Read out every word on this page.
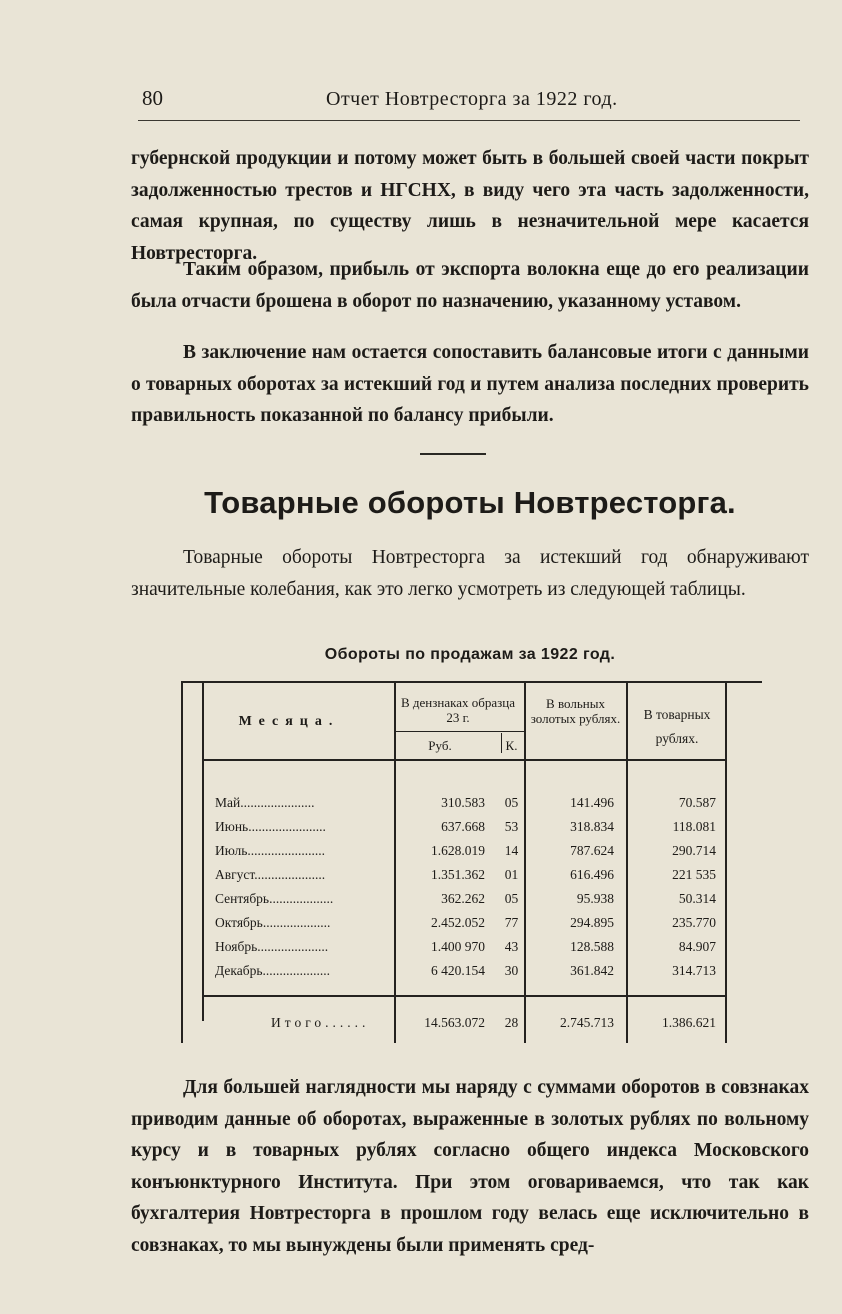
80	Отчет Новтресторга за 1922 год.

губернской продукции и потому может быть в большей своей части покрыт задолженностью трестов и НГСНХ, в виду чего эта часть задолженности, самая крупная, по существу лишь в незначительной мере касается Новтресторга.

Таким образом, прибыль от экспорта волокна еще до его реализации была отчасти брошена в оборот по назначению, указанному уставом.

В заключение нам остается сопоставить балансовые итоги с данными о товарных оборотах за истекший год и путем анализа последних проверить правильность показанной по балансу прибыли.

Товарные обороты Новтресторга.

Товарные обороты Новтресторга за истекший год обнаруживают значительные колебания, как это легко усмотреть из следующей таблицы.

Обороты по продажам за 1922 год.
Месяца.
В дензнаках образца 23 г.
Руб.	К.
В вольных золотых рублях.	В товарных рублях.
Май......................	310.583	05	141.496	70.587
Июнь.......................	637.668	53	318.834	118.081
Июль.......................	1.628.019	14	787.624	290.714
Август.....................	1.351.362	01	616.496	221 535
Сентябрь...................	362.262	05	95.938	50.314
Октябрь....................	2.452.052	77	294.895	235.770
Ноябрь.....................	1.400 970	43	128.588	84.907
Декабрь....................	6 420.154	30	361.842	314.713
Итого......	14.563.072	28	2.745.713	1.386.621

Для большей наглядности мы наряду с суммами оборотов в совзнаках приводим данные об оборотах, выраженные в золотых рублях по вольному курсу и в товарных рублях согласно общего индекса Московского конъюнктурного Института. При этом оговариваемся, что так как бухгалтерия Новтресторга в прошлом году велась еще исключительно в совзнаках, то мы вынуждены были применять сред-
